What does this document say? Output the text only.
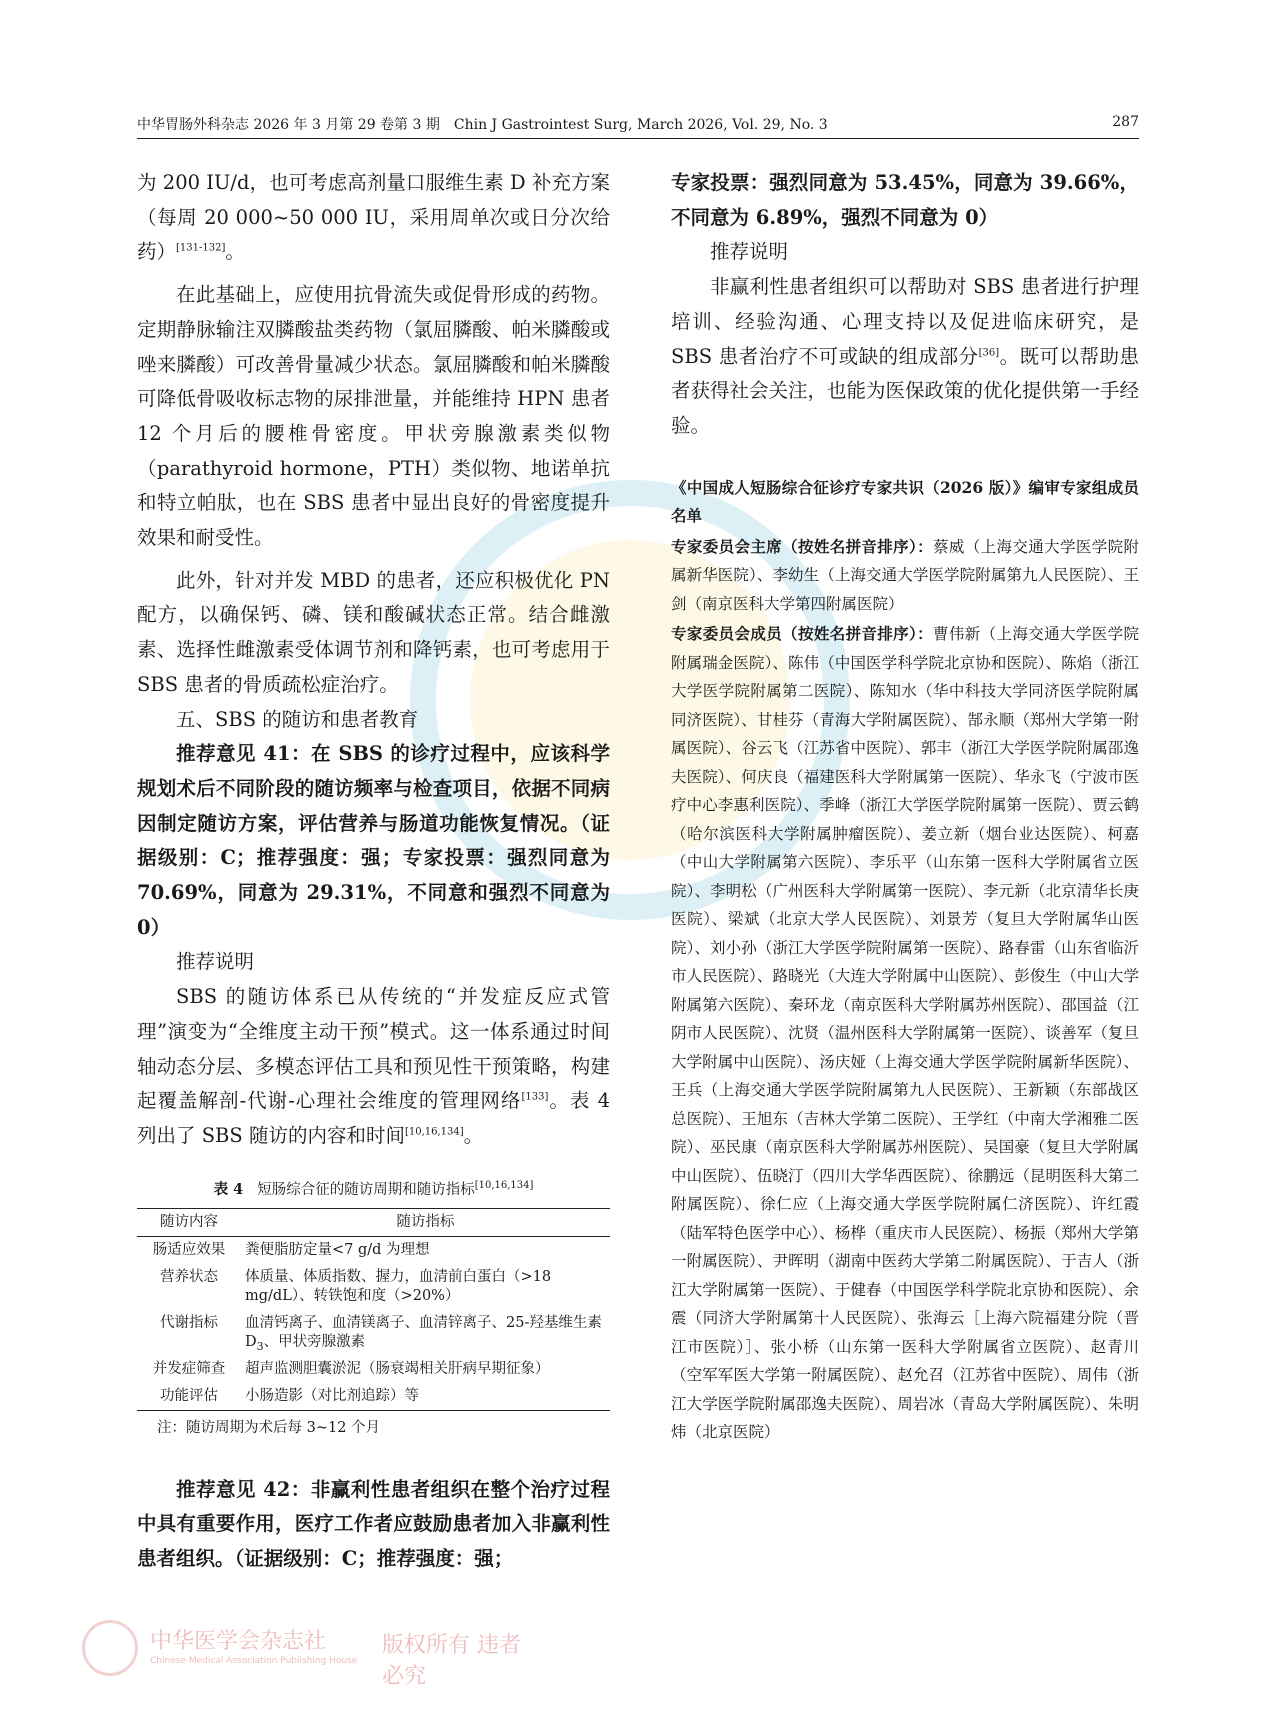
中华胃肠外科杂志 2026 年 3 月第 29 卷第 3 期　Chin J Gastrointest Surg, March 2026, Vol. 29, No. 3	287

为 200 IU/d，也可考虑高剂量口服维生素 D 补充方案（每周 20 000~50 000 IU，采用周单次或日分次给药）[131-132]。

在此基础上，应使用抗骨流失或促骨形成的药物。定期静脉输注双膦酸盐类药物（氯屈膦酸、帕米膦酸或唑来膦酸）可改善骨量减少状态。氯屈膦酸和帕米膦酸可降低骨吸收标志物的尿排泄量，并能维持 HPN 患者 12 个月后的腰椎骨密度。甲状旁腺激素类似物（parathyroid hormone，PTH）类似物、地诺单抗和特立帕肽，也在 SBS 患者中显出良好的骨密度提升效果和耐受性。

此外，针对并发 MBD 的患者，还应积极优化 PN 配方，以确保钙、磷、镁和酸碱状态正常。结合雌激素、选择性雌激素受体调节剂和降钙素，也可考虑用于 SBS 患者的骨质疏松症治疗。

五、SBS 的随访和患者教育

推荐意见 41：在 SBS 的诊疗过程中，应该科学规划术后不同阶段的随访频率与检查项目，依据不同病因制定随访方案，评估营养与肠道功能恢复情况。（证据级别：C；推荐强度：强；专家投票：强烈同意为 70.69%，同意为 29.31%，不同意和强烈不同意为 0）

推荐说明

SBS 的随访体系已从传统的“并发症反应式管理”演变为“全维度主动干预”模式。这一体系通过时间轴动态分层、多模态评估工具和预见性干预策略，构建起覆盖解剖-代谢-心理社会维度的管理网络[133]。表 4 列出了 SBS 随访的内容和时间[10,16,134]。

表 4 短肠综合征的随访周期和随访指标[10,16,134]
随访内容	随访指标
肠适应效果	粪便脂肪定量<7 g/d 为理想
营养状态	体质量、体质指数、握力，血清前白蛋白（>18 mg/dL）、转铁饱和度（>20%）
代谢指标	血清钙离子、血清镁离子、血清锌离子、25-羟基维生素 $D_3$、甲状旁腺激素
并发症筛查	超声监测胆囊淤泥（肠衰竭相关肝病早期征象）
功能评估	小肠造影（对比剂追踪）等
注：随访周期为术后每 3~12 个月

推荐意见 42：非赢利性患者组织在整个治疗过程中具有重要作用，医疗工作者应鼓励患者加入非赢利性患者组织。（证据级别：C；推荐强度：强；

专家投票：强烈同意为 53.45%，同意为 39.66%，不同意为 6.89%，强烈不同意为 0）

推荐说明

非赢利性患者组织可以帮助对 SBS 患者进行护理培训、经验沟通、心理支持以及促进临床研究，是 SBS 患者治疗不可或缺的组成部分[36]。既可以帮助患者获得社会关注，也能为医保政策的优化提供第一手经验。

《中国成人短肠综合征诊疗专家共识（2026 版）》编审专家组成员名单

专家委员会主席（按姓名拼音排序）：蔡威（上海交通大学医学院附属新华医院）、李幼生（上海交通大学医学院附属第九人民医院）、王剑（南京医科大学第四附属医院）

专家委员会成员（按姓名拼音排序）：曹伟新（上海交通大学医学院附属瑞金医院）、陈伟（中国医学科学院北京协和医院）、陈焰（浙江大学医学院附属第二医院）、陈知水（华中科技大学同济医学院附属同济医院）、甘桂芬（青海大学附属医院）、郜永顺（郑州大学第一附属医院）、谷云飞（江苏省中医院）、郭丰（浙江大学医学院附属邵逸夫医院）、何庆良（福建医科大学附属第一医院）、华永飞（宁波市医疗中心李惠利医院）、季峰（浙江大学医学院附属第一医院）、贾云鹤（哈尔滨医科大学附属肿瘤医院）、姜立新（烟台业达医院）、柯嘉（中山大学附属第六医院）、李乐平（山东第一医科大学附属省立医院）、李明松（广州医科大学附属第一医院）、李元新（北京清华长庚医院）、梁斌（北京大学人民医院）、刘景芳（复旦大学附属华山医院）、刘小孙（浙江大学医学院附属第一医院）、路春雷（山东省临沂市人民医院）、路晓光（大连大学附属中山医院）、彭俊生（中山大学附属第六医院）、秦环龙（南京医科大学附属苏州医院）、邵国益（江阴市人民医院）、沈贤（温州医科大学附属第一医院）、谈善军（复旦大学附属中山医院）、汤庆娅（上海交通大学医学院附属新华医院）、王兵（上海交通大学医学院附属第九人民医院）、王新颖（东部战区总医院）、王旭东（吉林大学第二医院）、王学红（中南大学湘雅二医院）、巫民康（南京医科大学附属苏州医院）、吴国豪（复旦大学附属中山医院）、伍晓汀（四川大学华西医院）、徐鹏远（昆明医科大第二附属医院）、徐仁应（上海交通大学医学院附属仁济医院）、许红霞（陆军特色医学中心）、杨桦（重庆市人民医院）、杨振（郑州大学第一附属医院）、尹晖明（湖南中医药大学第二附属医院）、于吉人（浙江大学附属第一医院）、于健春（中国医学科学院北京协和医院）、余震（同济大学附属第十人民医院）、张海云［上海六院福建分院（晋江市医院）］、张小桥（山东第一医科大学附属省立医院）、赵青川（空军军医大学第一附属医院）、赵允召（江苏省中医院）、周伟（浙江大学医学院附属邵逸夫医院）、周岩冰（青岛大学附属医院）、朱明炜（北京医院）

中华医学会杂志社
Chinese Medical Association Publishing House
版权所有 违者必究
